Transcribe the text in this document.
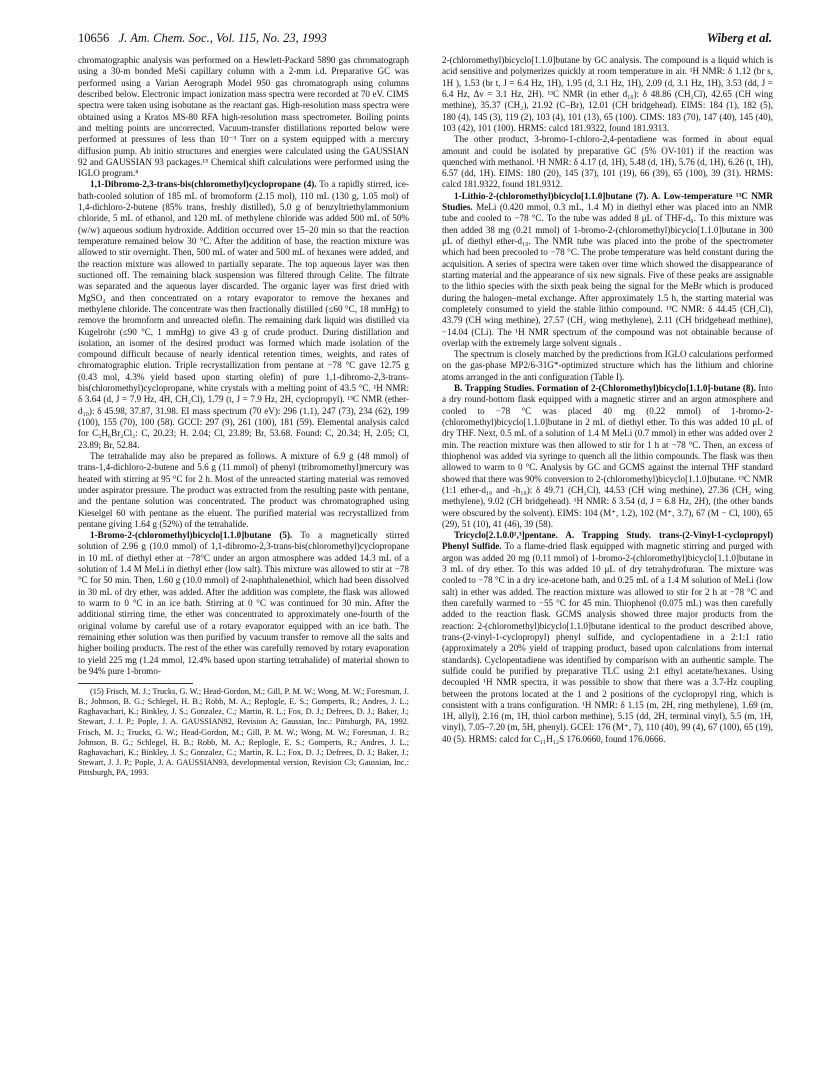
10656 J. Am. Chem. Soc., Vol. 115, No. 23, 1993	Wiberg et al.

chromatographic analysis was performed on a Hewlett-Packard 5890 gas chromatograph using a 30-m bonded MeSi capillary column with a 2-mm i.d. Preparative GC was performed using a Varian Aerograph Model 950 gas chromatograph using columns described below. Electronic impact ionization mass spectra were recorded at 70 eV. CIMS spectra were taken using isobutane as the reactant gas. High-resolution mass spectra were obtained using a Kratos MS-80 RFA high-resolution mass spectrometer. Boiling points and melting points are uncorrected. Vacuum-transfer distillations reported below were performed at pressures of less than 10⁻³ Torr on a system equipped with a mercury diffusion pump. Ab initio structures and energies were calculated using the GAUSSIAN 92 and GAUSSIAN 93 packages.¹⁵ Chemical shift calculations were performed using the IGLO program.⁸

1,1-Dibromo-2,3-trans-bis(chloromethyl)cyclopropane (4). To a rapidly stirred, ice-bath-cooled solution of 185 mL of bromoform (2.15 mol), 110 mL (130 g, 1.05 mol) of 1,4-dichloro-2-butene (85% trans, freshly distilled), 5.0 g of benzyltriethylammonium chloride, 5 mL of ethanol, and 120 mL of methylene chloride was added 500 mL of 50% (w/w) aqueous sodium hydroxide. Addition occurred over 15–20 min so that the reaction temperature remained below 30 °C. After the addition of base, the reaction mixture was allowed to stir overnight. Then, 500 mL of water and 500 mL of hexanes were added, and the reaction mixture was allowed to partially separate. The top aqueous layer was then suctioned off. The remaining black suspension was filtered through Celite. The filtrate was separated and the aqueous layer discarded. The organic layer was first dried with MgSO₄ and then concentrated on a rotary evaporator to remove the hexanes and methylene chloride. The concentrate was then fractionally distilled (≤60 °C, 18 mmHg) to remove the bromoform and unreacted olefin. The remaining dark liquid was distilled via Kugelrohr (≤90 °C, 1 mmHg) to give 43 g of crude product. During distillation and isolation, an isomer of the desired product was formed which made isolation of the compound difficult because of nearly identical retention times, weights, and rates of chromatographic elution. Triple recrystallization from pentane at −78 °C gave 12.75 g (0.43 mol, 4.3% yield based upon starting olefin) of pure 1,1-dibromo-2,3-trans-bis(chloromethyl)cyclopropane, white crystals with a melting point of 43.5 °C. ¹H NMR: δ 3.64 (d, J = 7.9 Hz, 4H, CH₂Cl), 1.79 (t, J = 7.9 Hz, 2H, cyclopropyl). ¹³C NMR (ether-d₁₀): δ 45.98, 37.87, 31.98. EI mass spectrum (70 eV): 296 (1.1), 247 (73), 234 (62), 199 (100), 155 (70), 100 (58). GCCI: 297 (9), 261 (100), 181 (59). Elemental analysis calcd for C₅H₆Br₂Cl₂: C, 20.23; H. 2.04; Cl, 23.89; Br, 53.68. Found: C, 20.34; H, 2.05; Cl, 23.89; Br, 52.84.

The tetrahalide may also be prepared as follows. A mixture of 6.9 g (48 mmol) of trans-1,4-dichloro-2-butene and 5.6 g (11 mmol) of phenyl (tribromomethyl)mercury was heated with stirring at 95 °C for 2 h. Most of the unreacted starting material was removed under aspirator pressure. The product was extracted from the resulting paste with pentane, and the pentane solution was concentrated. The product was chromatographed using Kieselgel 60 with pentane as the eluent. The purified material was recrystallized from pentane giving 1.64 g (52%) of the tetrahalide.

1-Bromo-2-(chloromethyl)bicyclo[1.1.0]butane (5). To a magnetically stirred solution of 2.96 g (10.0 mmol) of 1,1-dibromo-2,3-trans-bis(chloromethyl)cyclopropane in 10 mL of diethyl ether at −78°C under an argon atmosphere was added 14.3 mL of a solution of 1.4 M MeLi in diethyl ether (low salt). This mixture was allowed to stir at −78 °C for 50 min. Then, 1.60 g (10.0 mmol) of 2-naphthalenethiol, which had been dissolved in 30 mL of dry ether, was added. After the addition was complete, the flask was allowed to warm to 0 °C in an ice bath. Stirring at 0 °C was continued for 30 min. After the additional stirring time, the ether was concentrated to approximately one-fourth of the original volume by careful use of a rotary evaporator equipped with an ice bath. The remaining ether solution was then purified by vacuum transfer to remove all the salts and higher boiling products. The rest of the ether was carefully removed by rotary evaporation to yield 225 mg (1.24 mmol, 12.4% based upon starting tetrahalide) of material shown to be 94% pure 1-bromo-

(15) Frisch, M. J.; Trucks, G. W.; Head-Gordon, M.; Gill, P. M. W.; Wong, M. W.; Foresman, J. B.; Johnson, B. G.; Schlegel, H. B.; Robb, M. A.; Replogle, E. S.; Gomperts, R.; Andres, J. L.; Raghavachari, K.; Binkley, J. S.; Gonzalez, C.; Martin, R. L.; Fox, D. J.; Defrees, D. J.; Baker, J.; Stewart, J. J. P.; Pople, J. A. GAUSSIAN92, Revision A; Gaussian, Inc.: Pittsburgh, PA, 1992. Frisch, M. J.; Trucks, G. W.; Head-Gordon, M.; Gill, P. M. W.; Wong, M. W.; Foresman, J. B.; Johnson, B. G.; Schlegel, H. B.; Robb, M. A.; Replogle, E. S.; Gomperts, R.; Andres, J. L.; Raghavachari, K.; Binkley, J. S.; Gonzalez, C.; Martin, R. L.; Fox, D. J.; Defrees, D. J.; Baker, J.; Stewart, J. J. P.; Pople, J. A. GAUSSIAN93, developmental version, Revision C3; Gaussian, Inc.: Pittsburgh, PA, 1993.

2-(chloromethyl)bicyclo[1.1.0]butane by GC analysis. The compound is a liquid which is acid sensitive and polymerizes quickly at room temperature in air. ¹H NMR: δ 1.12 (br s, 1H ), 1.53 (br t, J = 6.4 Hz, 1H), 1.95 (d, 3.1 Hz, 1H), 2.09 (d, 3.1 Hz, 1H), 3.53 (dd, J = 6.4 Hz, Δν = 3.1 Hz, 2H). ¹³C NMR (in ether d₁₀): δ 48.86 (CH₂Cl), 42.65 (CH wing methine), 35.37 (CH₂), 21.92 (C–Br), 12.01 (CH bridgehead). EIMS: 184 (1), 182 (5), 180 (4), 145 (3), 119 (2), 103 (4), 101 (13), 65 (100). CIMS: 183 (70), 147 (40), 145 (40), 103 (42), 101 (100). HRMS: calcd 181.9322, found 181.9313.

The other product, 3-bromo-1-chloro-2,4-pentadiene was formed in about equal amount and could be isolated by preparative GC (5% OV-101) if the reaction was quenched with methanol. ¹H NMR: δ 4.17 (d, 1H), 5.48 (d, 1H), 5.76 (d, 1H), 6.26 (t, 1H), 6.57 (dd, 1H). EIMS: 180 (20), 145 (37), 101 (19), 66 (39), 65 (100), 39 (31). HRMS: calcd 181.9322, found 181.9312.

1-Lithio-2-(chloromethyl)bicyclo[1.1.0]butane (7). A. Low-temperature ¹³C NMR Studies. MeLi (0.420 mmol, 0.3 mL, 1.4 M) in diethyl ether was placed into an NMR tube and cooled to −78 °C. To the tube was added 8 μL of THF-d₈. To this mixture was then added 38 mg (0.21 mmol) of 1-bromo-2-(chloromethyl)bicyclo[1.1.0]butane in 300 μL of diethyl ether-d₁₀. The NMR tube was placed into the probe of the spectrometer which had been precooled to −78 °C. The probe temperature was held constant during the acquisition. A series of spectra were taken over time which showed the disappearance of starting material and the appearance of six new signals. Five of these peaks are assignable to the lithio species with the sixth peak being the signal for the MeBr which is produced during the halogen–metal exchange. After approximately 1.5 h, the starting material was completely consumed to yield the stable lithio compound. ¹³C NMR: δ 44.45 (CH₂Cl), 43.79 (CH wing methine), 27.57 (CH₂ wing methylene), 2.11 (CH bridgehead methine), −14.04 (CLi). The ¹H NMR spectrum of the compound was not obtainable because of overlap with the extremely large solvent signals .

The spectrum is closely matched by the predictions from IGLO calculations performed on the gas-phase MP2/6-31G*-optimized structure which has the lithium and chlorine atoms arranged in the anti configuration (Table I).

B. Trapping Studies. Formation of 2-(Chloromethyl)bicyclo[1.1.0]-butane (8). Into a dry round-bottom flask equipped with a magnetic stirrer and an argon atmosphere and cooled to −78 °C was placed 40 mg (0.22 mmol) of 1-bromo-2-(chloromethyl)bicyclo[1.1.0]butane in 2 mL of diethyl ether. To this was added 10 μL of dry THF. Next, 0.5 mL of a solution of 1.4 M MeLi (0.7 mmol) in ether was added over 2 min. The reaction mixture was then allowed to stir for 1 h at −78 °C. Then, an excess of thiophenol was added via syringe to quench all the lithio compounds. The flask was then allowed to warm to 0 °C. Analysis by GC and GCMS against the internal THF standard showed that there was 90% conversion to 2-(chloromethyl)bicyclo[1.1.0]butane. ¹³C NMR (1:1 ether-d₁₀ and -h₁₀): δ 49.71 (CH₂Cl), 44.53 (CH wing methine), 27.36 (CH₂ wing methylene), 9.02 (CH bridgehead). ¹H NMR: δ 3.54 (d, J = 6.8 Hz, 2H), (the other bands were obscured by the solvent). EIMS: 104 (M⁺, 1.2), 102 (M⁺, 3.7), 67 (M − Cl, 100), 65 (29), 51 (10), 41 (46), 39 (58).

Tricyclo[2.1.0.0¹,³]pentane. A. Trapping Study. trans-(2-Vinyl-1-cyclopropyl) Phenyl Sulfide. To a flame-dried flask equipped with magnetic stirring and purged with argon was added 20 mg (0.11 mmol) of 1-bromo-2-(chloromethyl)bicyclo[1.1.0]butane in 3 mL of dry ether. To this was added 10 μL of dry tetrahydrofuran. The mixture was cooled to −78 °C in a dry ice-acetone bath, and 0.25 mL of a 1.4 M solution of MeLi (low salt) in ether was added. The reaction mixture was allowed to stir for 2 h at −78 °C and then carefully warmed to −55 °C for 45 min. Thiophenol (0.075 mL) was then carefully added to the reaction flask. GCMS analysis showed three major products from the reaction: 2-(chloromethyl)bicyclo[1.1.0]butane identical to the product described above, trans-(2-vinyl-1-cyclopropyl) phenyl sulfide, and cyclopentadiene in a 2:1:1 ratio (approximately a 20% yield of trapping product, based upon calculations from internal standards). Cyclopentadiene was identified by comparison with an authentic sample. The sulfide could be purified by preparative TLC using 2:1 ethyl acetate/hexanes. Using decoupled ¹H NMR spectra, it was possible to show that there was a 3.7-Hz coupling between the protons located at the 1 and 2 positions of the cyclopropyl ring, which is consistent with a trans configuration. ¹H NMR: δ 1.15 (m, 2H, ring methylene), 1.69 (m, 1H, allyl), 2.16 (m, 1H, thiol carbon methine), 5.15 (dd, 2H, terminal vinyl), 5.5 (m, 1H, vinyl), 7.05–7.20 (m, 5H, phenyl). GCEI: 176 (M⁺, 7), 110 (40), 99 (4), 67 (100), 65 (19), 40 (5). HRMS: calcd for C₁₁H₁₂S 176.0660, found 176.0666.
